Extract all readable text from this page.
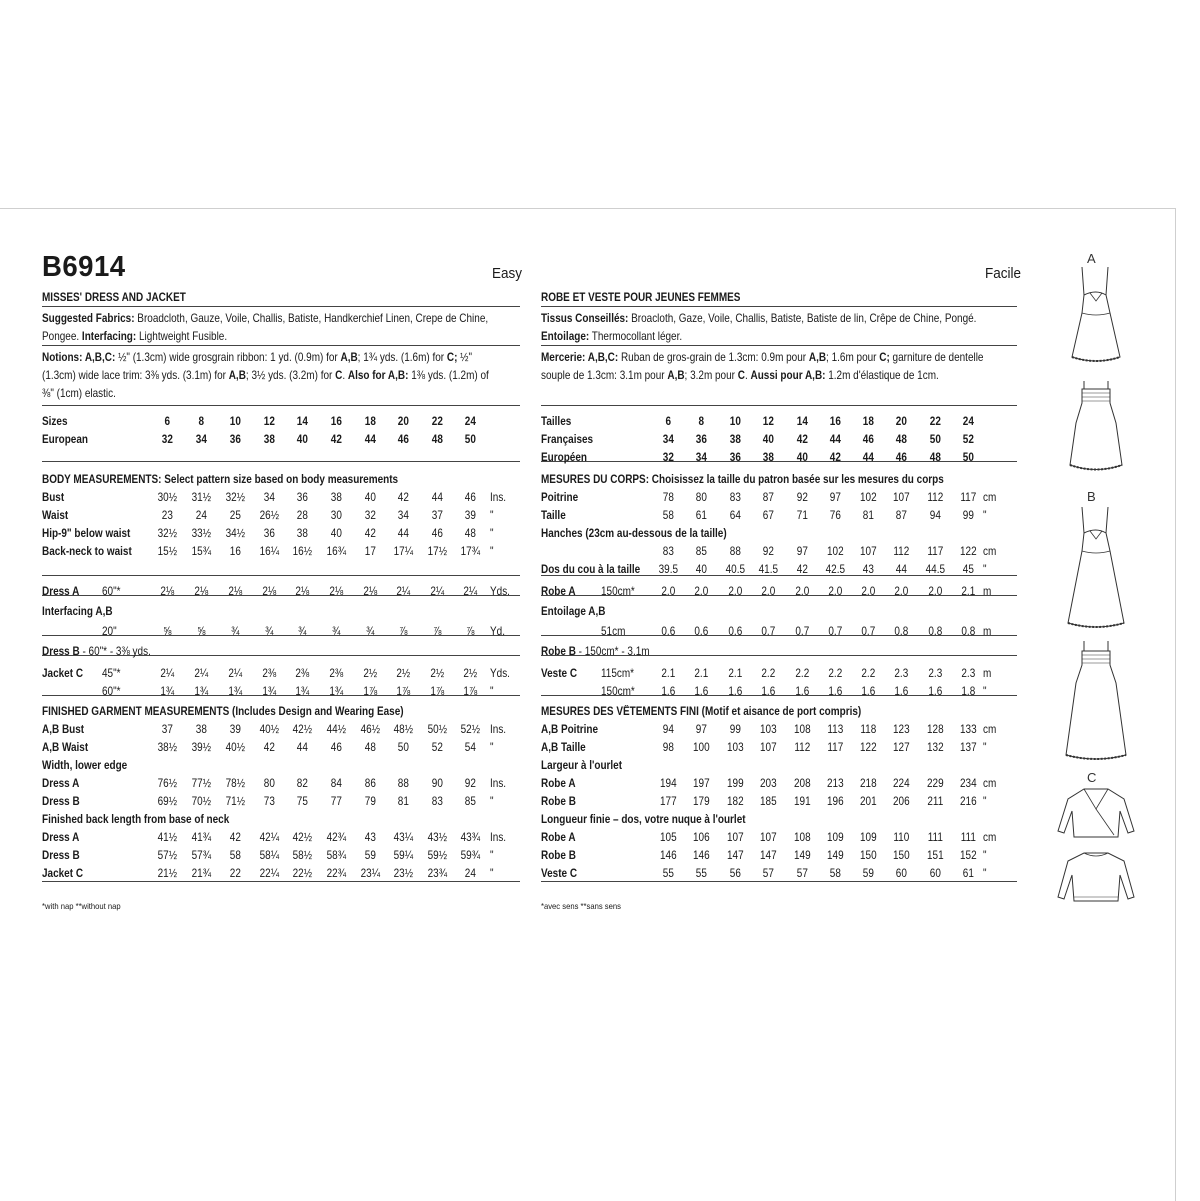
B6914	Easy
MISSES' DRESS AND JACKET
Suggested Fabrics: Broadcloth, Gauze, Voile, Challis, Batiste, Handkerchief Linen, Crepe de Chine,
Pongee. Interfacing: Lightweight Fusible.
Notions: A,B,C: ½" (1.3cm) wide grosgrain ribbon: 1 yd. (0.9m) for A,B; 1¾ yds. (1.6m) for C; ½"
(1.3cm) wide lace trim: 3⅜ yds. (3.1m) for A,B; 3½ yds. (3.2m) for C. Also for A,B: 1⅜ yds. (1.2m) of
⅜" (1cm) elastic.
Sizes	6	8	10	12	14	16	18	20	22	24
European	32	34	36	38	40	42	44	46	48	50
BODY MEASUREMENTS: Select pattern size based on body measurements
Bust	30½ 31½ 32½	34	36	38	40	42	44	46	Ins.
Waist	23	24	25	26½	28	30	32	34	37	39	"
Hip-9" below waist 32½ 33½ 34½	36	38	40	42	44	46	48	"
Back-neck to waist 15½ 15¾	16	16¼ 16½ 16¾	17	17¼ 17½ 17¾ "
Dress A 60"*	2⅛ 2⅛ 2⅛ 2⅛ 2⅛ 2⅛ 2⅛ 2¼ 2¼ 2¼ Yds.
Interfacing A,B
20"	⅝	⅝	¾	¾	¾	¾	¾	⅞	⅞	⅞	Yd.
Dress B - 60"* - 3⅜ yds.
Jacket C 45"*	2¼ 2¼ 2¼ 2⅜ 2⅜ 2⅜ 2½ 2½ 2½ 2½ Yds.
60"*	1¾ 1¾ 1¾ 1¾ 1¾ 1¾ 1⅞ 1⅞ 1⅞ 1⅞ "
FINISHED GARMENT MEASUREMENTS (Includes Design and Wearing Ease)
A,B Bust	37	38	39	40½ 42½ 44½ 46½ 48½ 50½ 52½ Ins.
A,B Waist	38½ 39½ 40½	42	44	46	48	50	52	54	"
Width, lower edge
Dress A	76½ 77½ 78½	80	82	84	86	88	90	92	Ins.
Dress B	69½ 70½ 71½	73	75	77	79	81	83	85	"
Finished back length from base of neck
Dress A	41½ 41¾	42	42¼ 42½ 42¾	43	43¼ 43½ 43¾ Ins.
Dress B	57½ 57¾	58	58¼ 58½ 58¾	59	59¼ 59½ 59¾ "
Jacket C	21½ 21¾	22	22¼ 22½ 22¾ 23¼ 23½ 23¾	24	"
*with nap **without nap
Facile
ROBE ET VESTE POUR JEUNES FEMMES
Tissus Conseillés: Broacloth, Gaze, Voile, Challis, Batiste, Batiste de lin, Crêpe de Chine, Pongé.
Entoilage: Thermocollant léger.
Mercerie: A,B,C: Ruban de gros-grain de 1.3cm: 0.9m pour A,B; 1.6m pour C; garniture de dentelle
souple de 1.3cm: 3.1m pour A,B; 3.2m pour C. Aussi pour A,B: 1.2m d'élastique de 1cm.
Tailles	6	8	10	12	14	16	18	20	22	24
Françaises	34	36	38	40	42	44	46	48	50	52
Européen	32	34	36	38	40	42	44	46	48	50
MESURES DU CORPS: Choisissez la taille du patron basée sur les mesures du corps
Poitrine	78	80	83	87	92	97	102 107 112 117 cm
Taille	58	61	64	67	71	76	81	87	94	99 "
Hanches (23cm au-dessous de la taille)
83	85	88	92	97	102 107 112 117 122 cm
Dos du cou à la taille 39.5	40	40.5 41.5	42	42.5	43	44	44.5	45 "
Robe A 150cm* 2.0 2.0 2.0 2.0 2.0 2.0 2.0 2.0 2.0 2.1 m
Entoilage A,B
51cm	0.6 0.6 0.6 0.7 0.7 0.7 0.7 0.8 0.8 0.8 m
Robe B - 150cm* - 3.1m
Veste C 115cm* 2.1 2.1 2.1 2.2 2.2 2.2 2.2 2.3 2.3 2.3 m
150cm* 1.6 1.6 1.6 1.6 1.6 1.6 1.6 1.6 1.6 1.8 "
MESURES DES VÊTEMENTS FINI (Motif et aisance de port compris)
A,B Poitrine	94	97	99	103 108 113 118 123 128 133 cm
A,B Taille	98	100 103 107 112 117 122 127 132 137 "
Largeur à l'ourlet
Robe A	194 197 199 203 208 213 218 224 229 234 cm
Robe B	177 179 182 185 191 196 201 206 211 216 "
Longueur finie – dos, votre nuque à l'ourlet
Robe A	105 106 107 107 108 109 109 110 111 111 cm
Robe B	146 146 147 147 149 149 150 150 151 152 "
Veste C	55	55	56	57	57	58	59	60	60	61 "
*avec sens **sans sens
A
B
C
